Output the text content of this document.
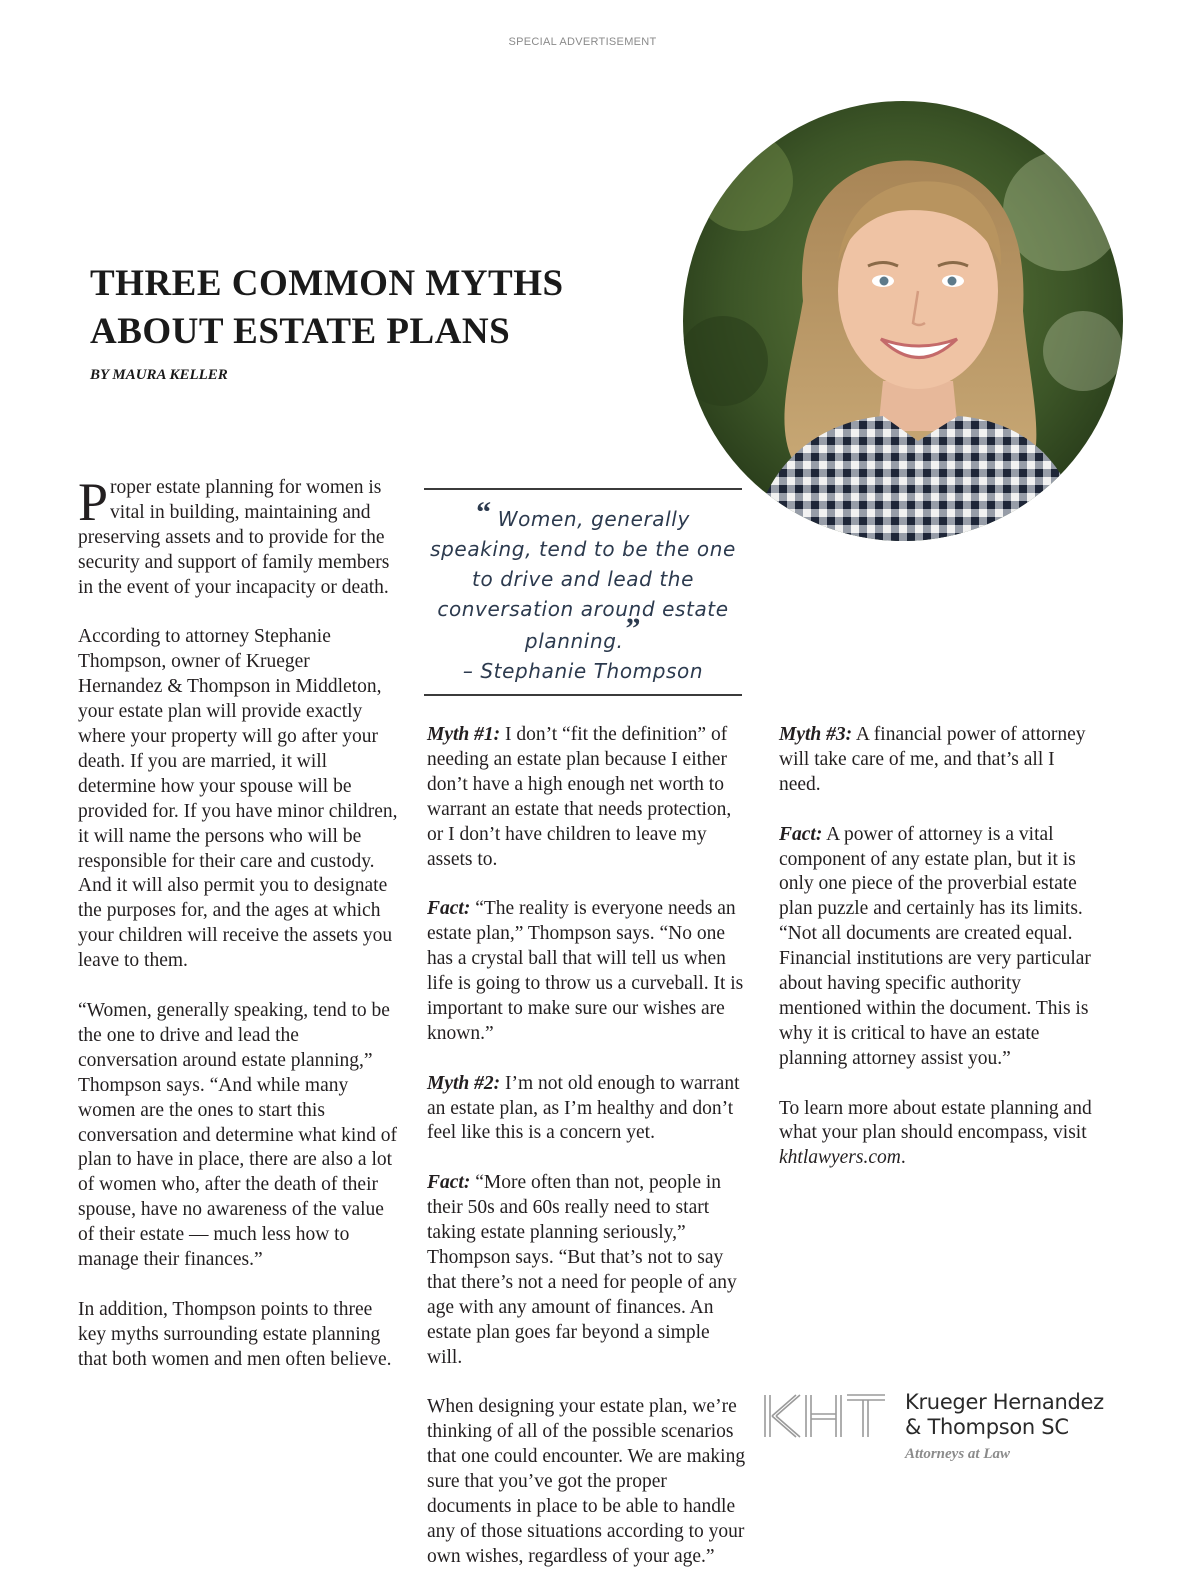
SPECIAL ADVERTISEMENT
THREE COMMON MYTHS
ABOUT ESTATE PLANS

BY MAURA KELLER

Proper estate planning for women is vital in building, maintaining and preserving assets and to provide for the security and support of family members in the event of your incapacity or death.

According to attorney Stephanie Thompson, owner of Krueger Hernandez & Thompson in Middleton, your estate plan will provide exactly where your property will go after your death. If you are married, it will determine how your spouse will be provided for. If you have minor children, it will name the persons who will be responsible for their care and custody. And it will also permit you to designate the purposes for, and the ages at which your children will receive the assets you leave to them.

“Women, generally speaking, tend to be the one to drive and lead the conversation around estate planning,” Thompson says. “And while many women are the ones to start this conversation and determine what kind of plan to have in place, there are also a lot of women who, after the death of their spouse, have no awareness of the value of their estate — much less how to manage their finances.”

In addition, Thompson points to three key myths surrounding estate planning that both women and men often believe.

“ Women, generally speaking, tend to be the one to drive and lead the conversation around estate planning.”
– Stephanie Thompson

Myth #1: I don’t “fit the definition” of needing an estate plan because I either don’t have a high enough net worth to warrant an estate that needs protection, or I don’t have children to leave my assets to.

Fact: “The reality is everyone needs an estate plan,” Thompson says. “No one has a crystal ball that will tell us when life is going to throw us a curveball. It is important to make sure our wishes are known.”

Myth #2: I’m not old enough to warrant an estate plan, as I’m healthy and don’t feel like this is a concern yet.

Fact: “More often than not, people in their 50s and 60s really need to start taking estate planning seriously,” Thompson says. “But that’s not to say that there’s not a need for people of any age with any amount of finances. An estate plan goes far beyond a simple will.

When designing your estate plan, we’re thinking of all of the possible scenarios that one could encounter. We are making sure that you’ve got the proper documents in place to be able to handle any of those situations according to your own wishes, regardless of your age.”

Myth #3: A financial power of attorney will take care of me, and that’s all I need.

Fact: A power of attorney is a vital component of any estate plan, but it is only one piece of the proverbial estate plan puzzle and certainly has its limits. “Not all documents are created equal. Financial institutions are very particular about having specific authority mentioned within the document. This is why it is critical to have an estate planning attorney assist you.”

To learn more about estate planning and what your plan should encompass, visit khtlawyers.com.

Krueger Hernandez
& Thompson SC

Attorneys at Law
